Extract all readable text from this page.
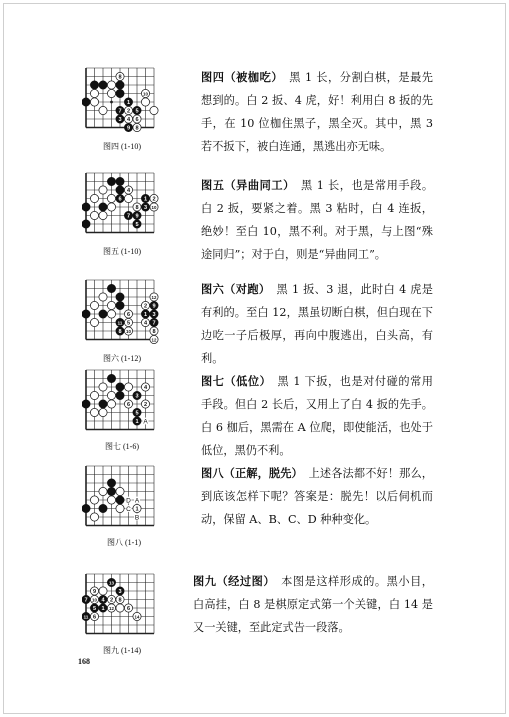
1
7 2 5
3 4 6
9 8
8
10
图四 (1-10)
图四（被枷吃）　黑 1 长，分割白棋，是最先想到的。白 2 扳、4 虎，好！利用白 8 扳的先手，在 10 位枷住黑子，黑全灭。其中，黑 3 若不扳下，被白连通，黑逃出亦无味。
4
6	1 2
8 3 10
7 9
5
图五 (1-10)
图五（异曲同工）　黑 1 长，也是常用手段。白 2 扳，要紧之着。黑 3 粘时，白 4 连扳，绝妙！至白 10，黑不利。对于黑，与上图“殊途同归”；对于白，则是“异曲同工”。
12
2 9
6 1 3
11 5 4 7
8 10	8
12
图六 (1-12)
图六（对跑）　黑 1 扳、3 退，此时白 4 虎是有利的。至白 12，黑虽切断白棋，但白现在下边吃一子后极厚，再向中腹逃出，白头高，有利。
4
3
6 2
5
1 A
图七 (1-6)
图七（低位）　黑 1 下扳，也是对付碰的常用手段。但白 2 长后，又用上了白 4 扳的先手。白 6 枷后，黑需在 A 位爬，即使能活，也处于低位，黑仍不利。
1
D A
C
B
图八 (1-1)
图八（正解，脱先）　上述各法都不好！那么，到底该怎样下呢？答案是：脱先！以后伺机而动，保留 A、B、C、D 种种变化。
13
9	3
7 10 4 2 8
5 1 12 6
11 6	14
图九 (1-14)
图九（经过图）　本图是这样形成的。黑小目，白高挂，白 8 是棋原定式第一个关键，白 14 是又一关键，至此定式告一段落。
168
